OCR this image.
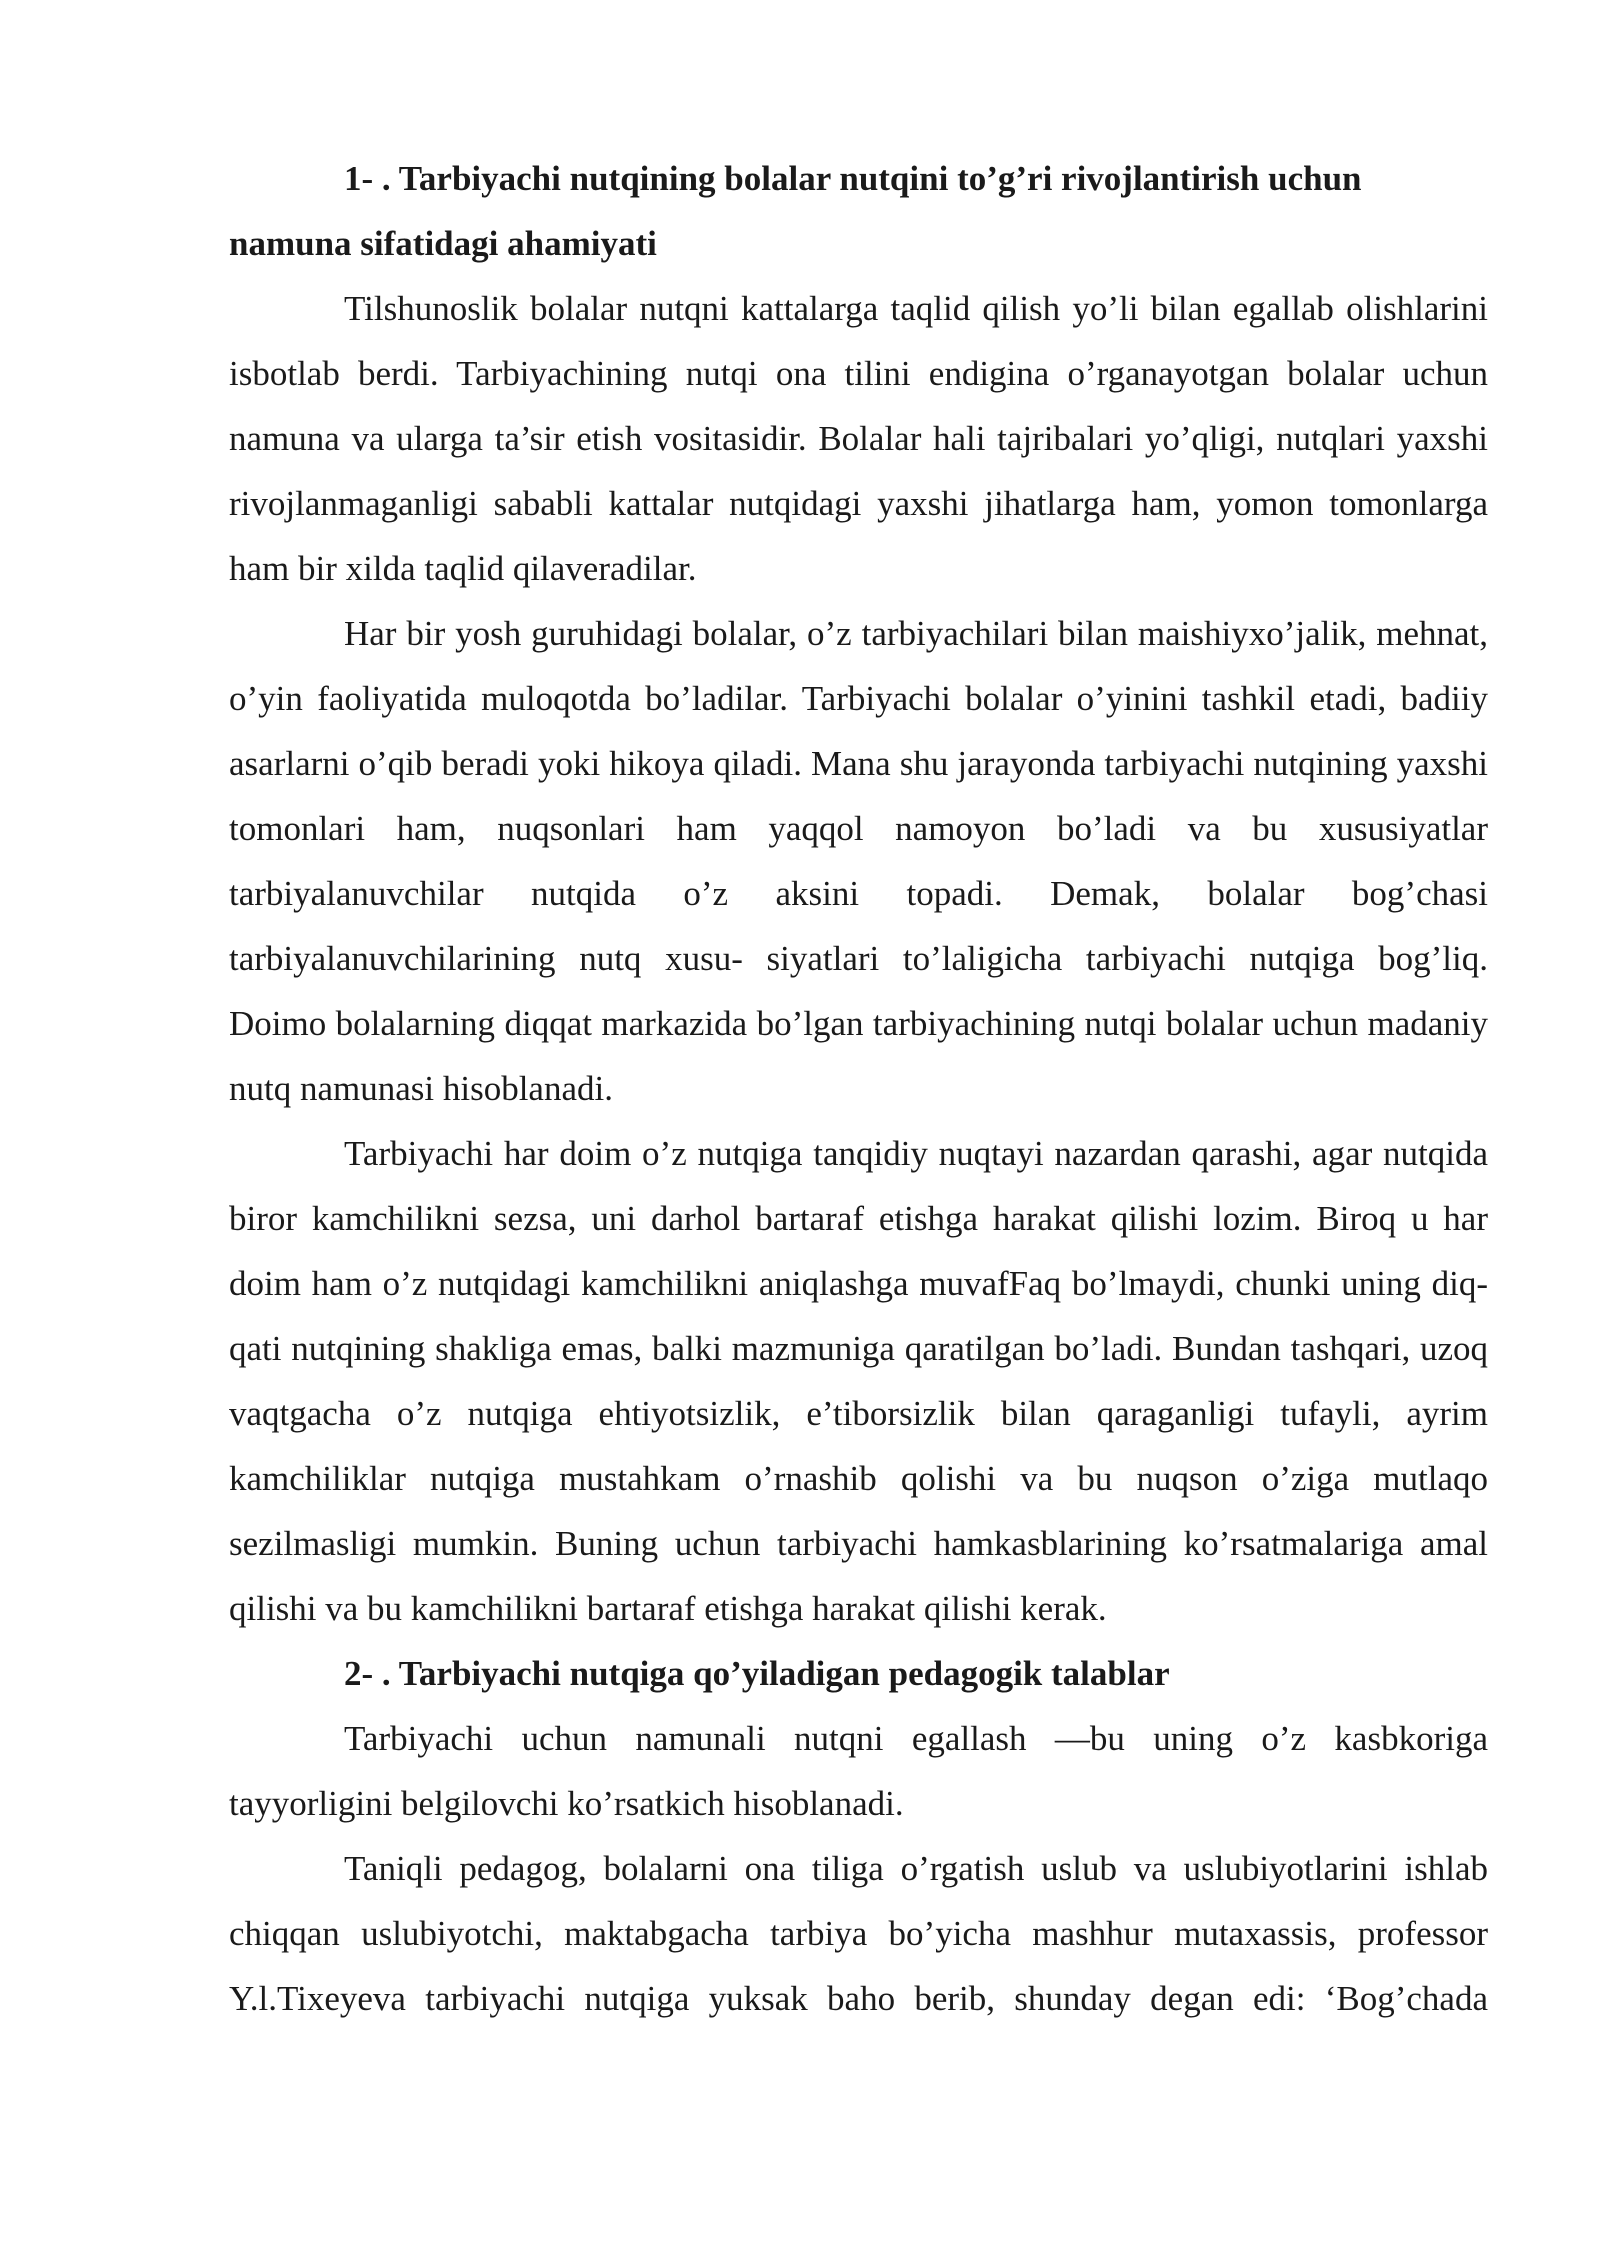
1- . Tarbiyachi nutqining bolalar nutqini to’g’ri rivojlantirish uchun namuna sifatidagi ahamiyati

Tilshunoslik bolalar nutqni kattalarga taqlid qilish yo’li bilan egallab olishlarini isbotlab berdi. Tarbiyachining nutqi ona tilini endigina o’rganayotgan bolalar uchun namuna va ularga ta’sir etish vositasidir. Bolalar hali tajribalari yo’qligi, nutqlari yaxshi rivojlanmaganligi sababli kattalar nutqidagi yaxshi jihatlarga ham, yomon tomonlarga ham bir xilda taqlid qilaveradilar.

Har bir yosh guruhidagi bolalar, o’z tarbiyachilari bilan maishiyxo’jalik, mehnat, o’yin faoliyatida muloqotda bo’ladilar. Tarbiyachi bolalar o’yinini tashkil etadi, badiiy asarlarni o’qib beradi yoki hikoya qiladi. Mana shu jarayonda tarbiyachi nutqining yaxshi tomonlari ham, nuqsonlari ham yaqqol namoyon bo’ladi va bu xususiyatlar tarbiyalanuvchilar nutqida o’z aksini topadi. Demak, bolalar bog’chasi tarbiyalanuvchilarining nutq xusu- siyatlari to’laligicha tarbiyachi nutqiga bog’liq. Doimo bolalarning diqqat markazida bo’lgan tarbiyachining nutqi bolalar uchun madaniy nutq namunasi hisoblanadi.

Tarbiyachi har doim o’z nutqiga tanqidiy nuqtayi nazardan qarashi, agar nutqida biror kamchilikni sezsa, uni darhol bartaraf etishga harakat qilishi lozim. Biroq u har doim ham o’z nutqidagi kamchilikni aniqlashga muvafFaq bo’lmaydi, chunki uning diq- qati nutqining shakliga emas, balki mazmuniga qaratilgan bo’ladi. Bundan tashqari, uzoq vaqtgacha o’z nutqiga ehtiyotsizlik, e’tiborsizlik bilan qaraganligi tufayli, ayrim kamchiliklar nutqiga mustahkam o’rnashib qolishi va bu nuqson o’ziga mutlaqo sezilmasligi mumkin. Buning uchun tarbiyachi hamkasblarining ko’rsatmalariga amal qilishi va bu kamchilikni bartaraf etishga harakat qilishi kerak.

2- . Tarbiyachi nutqiga qo’yiladigan pedagogik talablar

Tarbiyachi uchun namunali nutqni egallash —bu uning o’z kasbkoriga tayyorligini belgilovchi ko’rsatkich hisoblanadi.

Taniqli pedagog, bolalarni ona tiliga o’rgatish uslub va uslubiyotlarini ishlab chiqqan uslubiyotchi, maktabgacha tarbiya bo’yicha mashhur mutaxassis, professor Y.l.Tixeyeva tarbiyachi nutqiga yuksak baho berib, shunday degan edi: ‘Bog’chada
